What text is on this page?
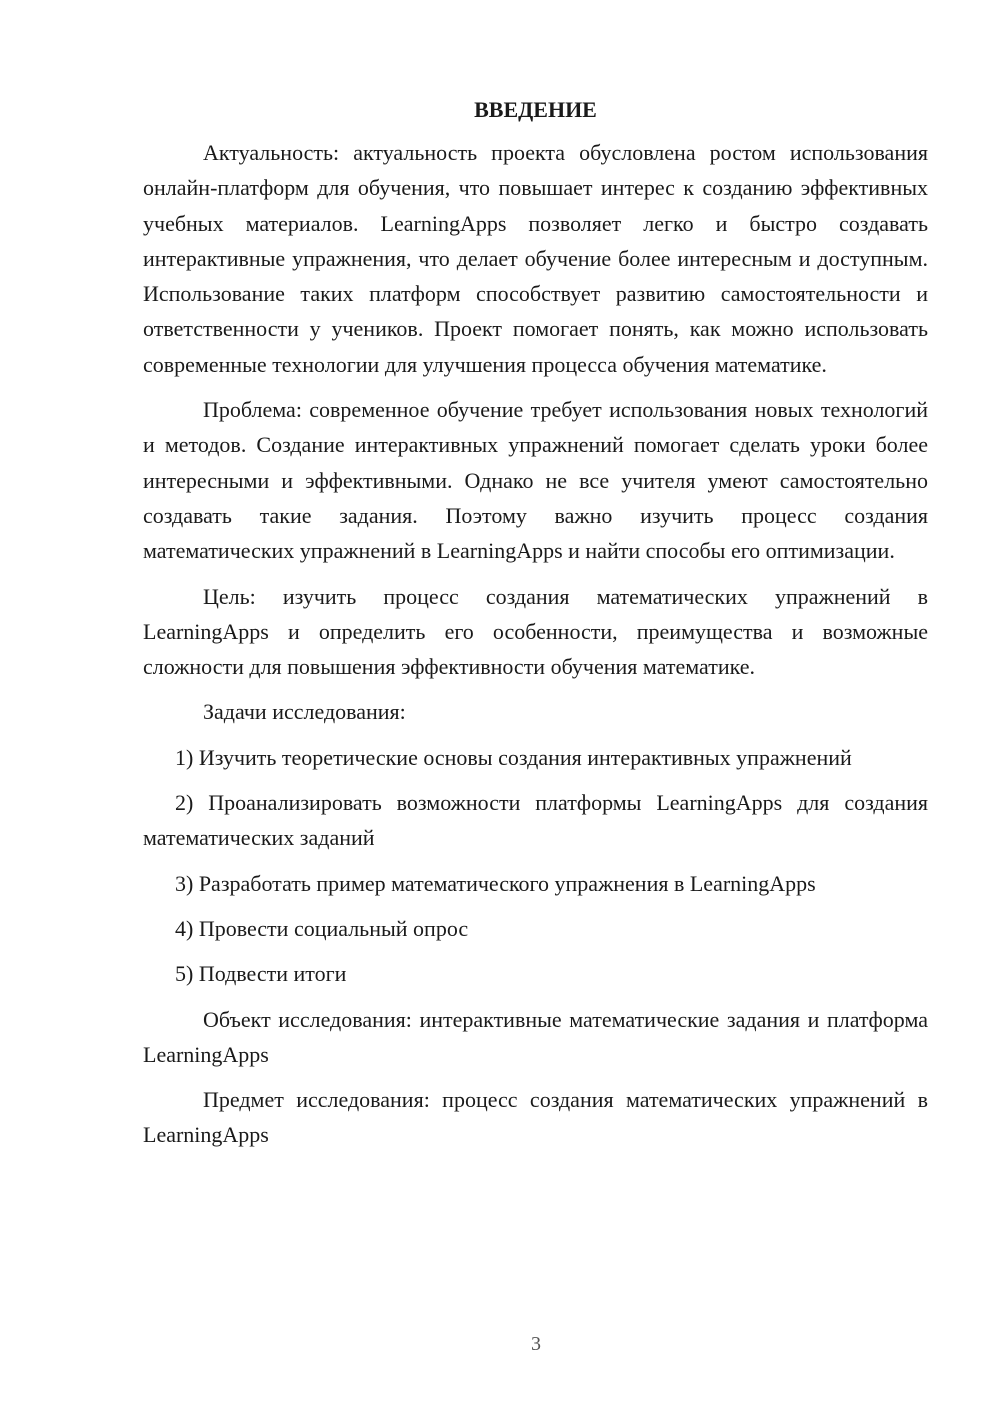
ВВЕДЕНИЕ

Актуальность: актуальность проекта обусловлена ростом использования онлайн-платформ для обучения, что повышает интерес к созданию эффективных учебных материалов. LearningApps позволяет легко и быстро создавать интерактивные упражнения, что делает обучение более интересным и доступным. Использование таких платформ способствует развитию самостоятельности и ответственности у учеников. Проект помогает понять, как можно использовать современные технологии для улучшения процесса обучения математике.

Проблема: современное обучение требует использования новых технологий и методов. Создание интерактивных упражнений помогает сделать уроки более интересными и эффективными. Однако не все учителя умеют самостоятельно создавать такие задания. Поэтому важно изучить процесс создания математических упражнений в LearningApps и найти способы его оптимизации.

Цель: изучить процесс создания математических упражнений в LearningApps и определить его особенности, преимущества и возможные сложности для повышения эффективности обучения математике.

Задачи исследования:

1) Изучить теоретические основы создания интерактивных упражнений
2) Проанализировать возможности платформы LearningApps для создания математических заданий
3) Разработать пример математического упражнения в LearningApps
4) Провести социальный опрос
5) Подвести итоги

Объект исследования: интерактивные математические задания и платформа LearningApps

Предмет исследования: процесс создания математических упражнений в LearningApps

3
